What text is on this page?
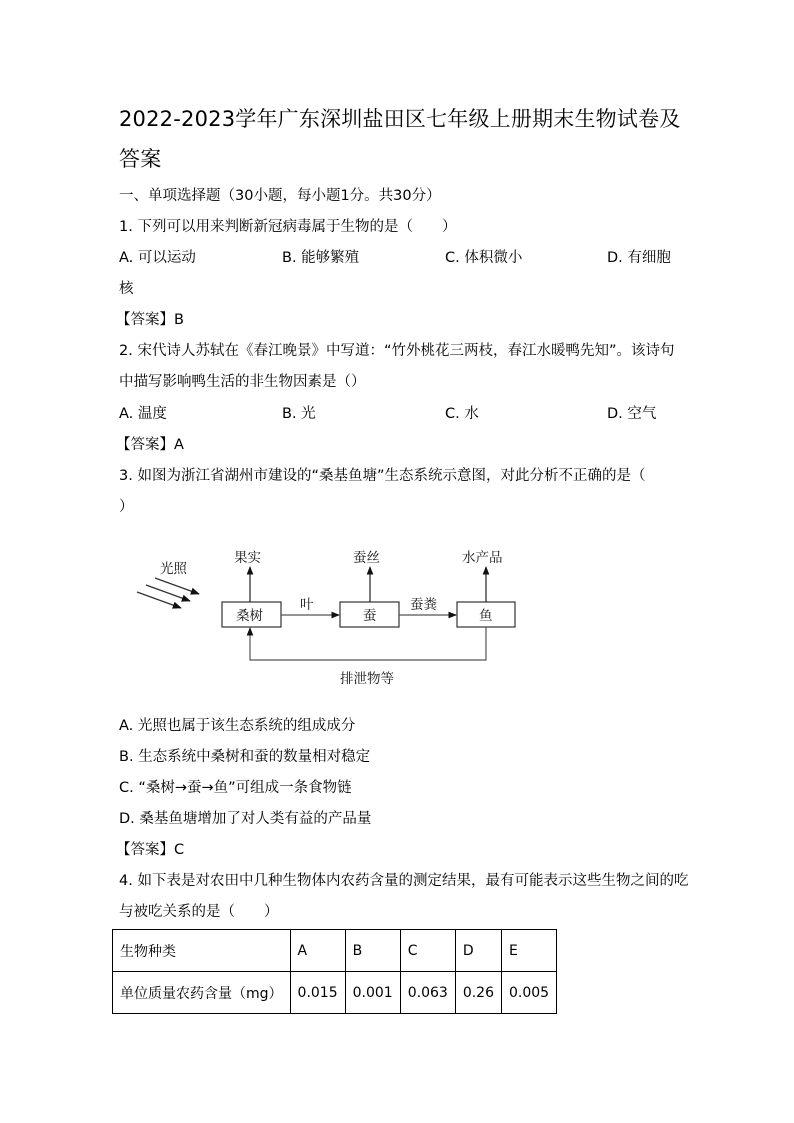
2022-2023学年广东深圳盐田区七年级上册期末生物试卷及
答案
一、单项选择题（30小题，每小题1分。共30分）
1. 下列可以用来判断新冠病毒属于生物的是（　　）
A. 可以运动	B. 能够繁殖	C. 体积微小	D. 有细胞
核
【答案】B
2. 宋代诗人苏轼在《春江晚景》中写道：“竹外桃花三两枝，春江水暖鸭先知”。该诗句
中描写影响鸭生活的非生物因素是（）
A. 温度	B. 光	C. 水	D. 空气
【答案】A
3. 如图为浙江省湖州市建设的“桑基鱼塘”生态系统示意图，对此分析不正确的是（
）
光照
桑树	蚕	鱼
果实	蚕丝	水产品
叶	蚕粪
排泄物等
A. 光照也属于该生态系统的组成成分
B. 生态系统中桑树和蚕的数量相对稳定
C. “桑树→蚕→鱼”可组成一条食物链
D. 桑基鱼塘增加了对人类有益的产品量
【答案】C
4. 如下表是对农田中几种生物体内农药含量的测定结果，最有可能表示这些生物之间的吃
与被吃关系的是（　　）
生物种类	A	B	C	D	E
单位质量农药含量（mg）	0.015	0.001	0.063	0.26	0.005
